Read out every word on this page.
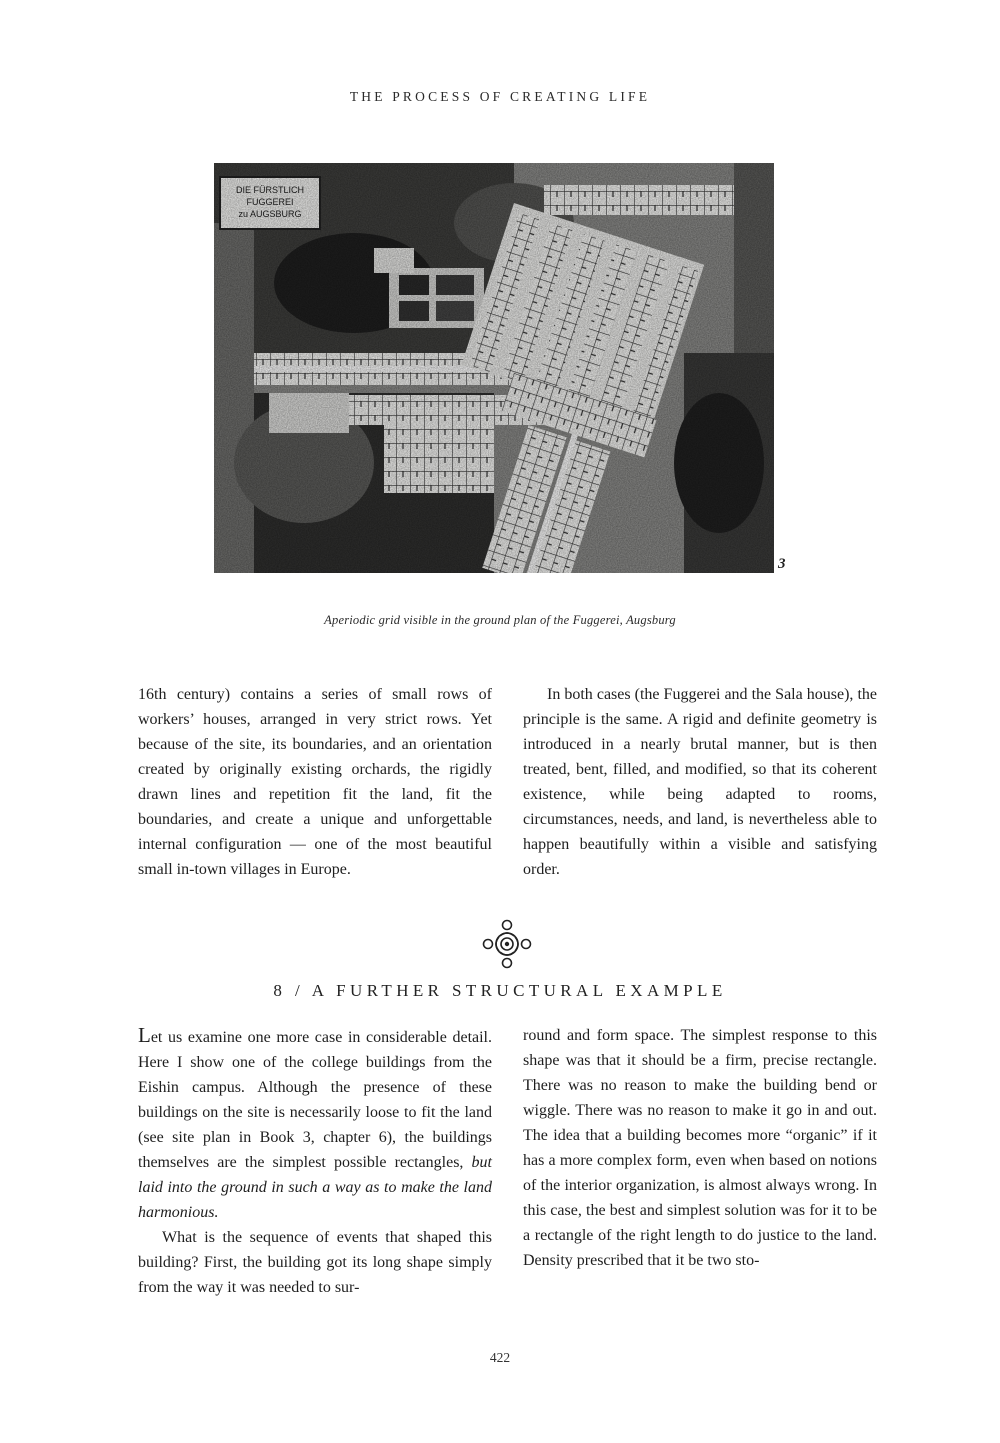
THE PROCESS OF CREATING LIFE
3
Aperiodic grid visible in the ground plan of the Fuggerei, Augsburg

16th century) contains a series of small rows of workers’ houses, arranged in very strict rows. Yet because of the site, its boundaries, and an orientation created by originally existing orchards, the rigidly drawn lines and repetition fit the land, fit the boundaries, and create a unique and unforgettable internal configuration — one of the most beautiful small in-town villages in Europe.

In both cases (the Fuggerei and the Sala house), the principle is the same. A rigid and definite geometry is introduced in a nearly brutal manner, but is then treated, bent, filled, and modified, so that its coherent existence, while being adapted to rooms, circumstances, needs, and land, is nevertheless able to happen beautifully within a visible and satisfying order.

8 / A FURTHER STRUCTURAL EXAMPLE

Let us examine one more case in considerable detail. Here I show one of the college buildings from the Eishin campus. Although the presence of these buildings on the site is necessarily loose to fit the land (see site plan in Book 3, chapter 6), the buildings themselves are the simplest possible rectangles, but laid into the ground in such a way as to make the land harmonious.

What is the sequence of events that shaped this building? First, the building got its long shape simply from the way it was needed to sur-

round and form space. The simplest response to this shape was that it should be a firm, precise rectangle. There was no reason to make the building bend or wiggle. There was no reason to make it go in and out. The idea that a building becomes more “organic” if it has a more complex form, even when based on notions of the interior organization, is almost always wrong. In this case, the best and simplest solution was for it to be a rectangle of the right length to do justice to the land. Density prescribed that it be two sto-

422
